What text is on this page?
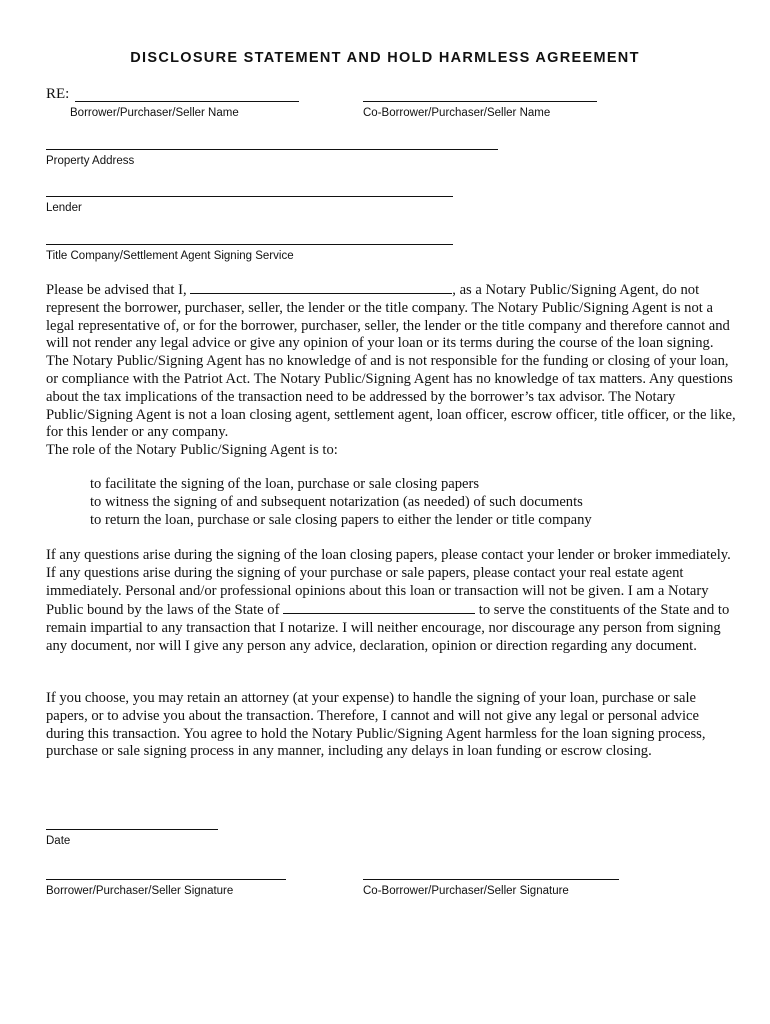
DISCLOSURE STATEMENT AND HOLD HARMLESS AGREEMENT
RE:
Borrower/Purchaser/Seller Name	Co-Borrower/Purchaser/Seller Name
Property Address
Lender
Title Company/Settlement Agent Signing Service

Please be advised that I,	, as a Notary Public/Signing Agent, do not represent the borrower, purchaser, seller, the lender or the title company. The Notary Public/Signing Agent is not a legal representative of, or for the borrower, purchaser, seller, the lender or the title company and therefore cannot and will not render any legal advice or give any opinion of your loan or its terms during the course of the loan signing. The Notary Public/Signing Agent has no knowledge of and is not responsible for the funding or closing of your loan, or compliance with the Patriot Act. The Notary Public/Signing Agent has no knowledge of tax matters. Any questions about the tax implications of the transaction need to be addressed by the borrower’s tax advisor. The Notary Public/Signing Agent is not a loan closing agent, settlement agent, loan officer, escrow officer, title officer, or the like, for this lender or any company.

The role of the Notary Public/Signing Agent is to:

to facilitate the signing of the loan, purchase or sale closing papers
to witness the signing of and subsequent notarization (as needed) of such documents
to return the loan, purchase or sale closing papers to either the lender or title company

If any questions arise during the signing of the loan closing papers, please contact your lender or broker immediately. If any questions arise during the signing of your purchase or sale papers, please contact your real estate agent immediately. Personal and/or professional opinions about this loan or transaction will not be given. I am a Notary Public bound by the laws of the State of	to serve the constituents of the State and to remain impartial to any transaction that I notarize. I will neither encourage, nor discourage any person from signing any document, nor will I give any person any advice, declaration, opinion or direction regarding any document.

If you choose, you may retain an attorney (at your expense) to handle the signing of your loan, purchase or sale papers, or to advise you about the transaction. Therefore, I cannot and will not give any legal or personal advice during this transaction. You agree to hold the Notary Public/Signing Agent harmless for the loan signing process, purchase or sale signing process in any manner, including any delays in loan funding or escrow closing.

Date
Borrower/Purchaser/Seller Signature	Co-Borrower/Purchaser/Seller Signature
